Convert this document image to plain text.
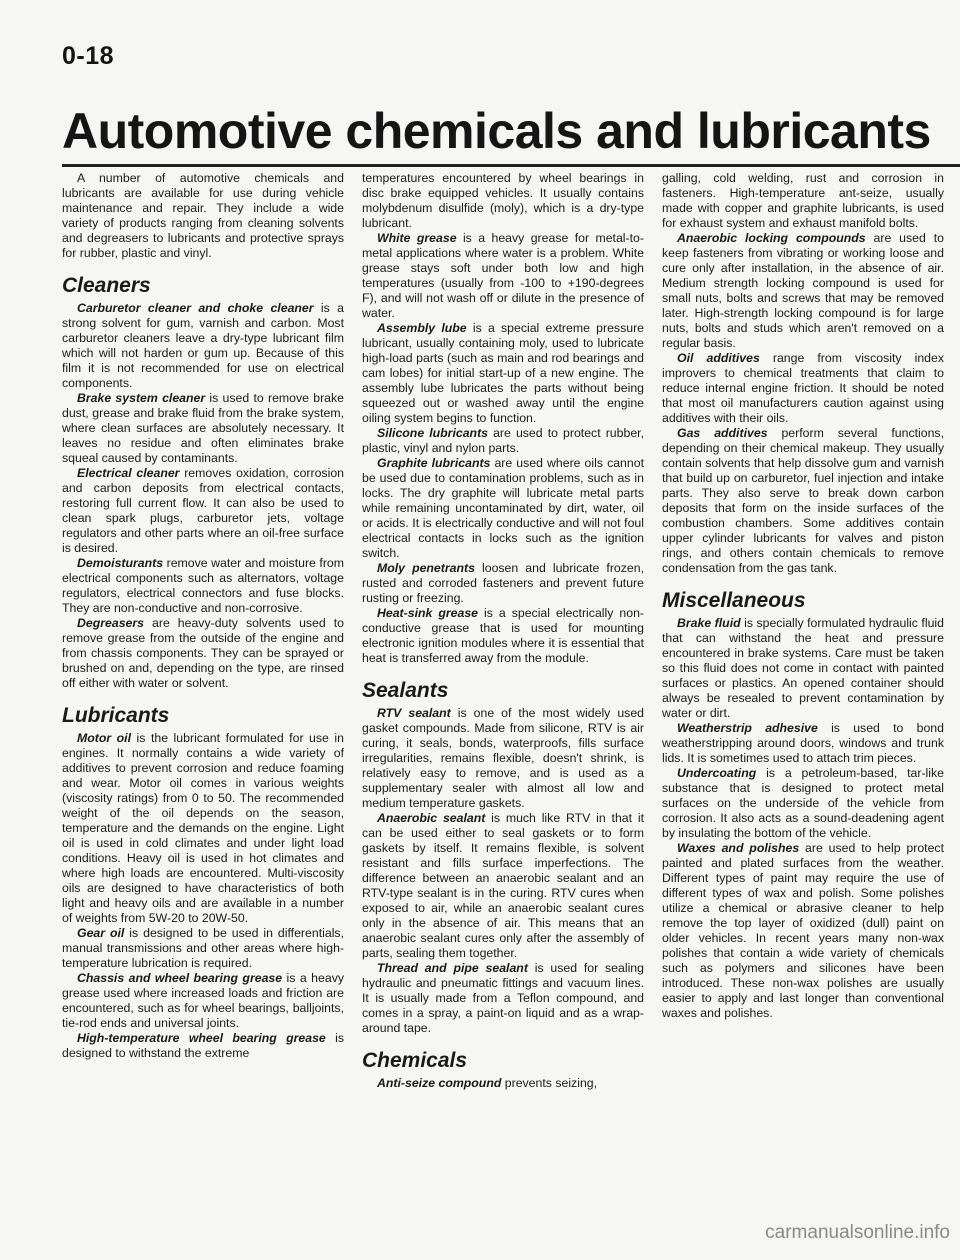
0-18
Automotive chemicals and lubricants

A number of automotive chemicals and lubricants are available for use during vehicle maintenance and repair. They include a wide variety of products ranging from cleaning solvents and degreasers to lubricants and protective sprays for rubber, plastic and vinyl.

Cleaners

Carburetor cleaner and choke cleaner is a strong solvent for gum, varnish and carbon. Most carburetor cleaners leave a dry-type lubricant film which will not harden or gum up. Because of this film it is not recommended for use on electrical components.

Brake system cleaner is used to remove brake dust, grease and brake fluid from the brake system, where clean surfaces are absolutely necessary. It leaves no residue and often eliminates brake squeal caused by contaminants.

Electrical cleaner removes oxidation, corrosion and carbon deposits from electrical contacts, restoring full current flow. It can also be used to clean spark plugs, carburetor jets, voltage regulators and other parts where an oil-free surface is desired.

Demoisturants remove water and moisture from electrical components such as alternators, voltage regulators, electrical connectors and fuse blocks. They are non-conductive and non-corrosive.

Degreasers are heavy-duty solvents used to remove grease from the outside of the engine and from chassis components. They can be sprayed or brushed on and, depending on the type, are rinsed off either with water or solvent.

Lubricants

Motor oil is the lubricant formulated for use in engines. It normally contains a wide variety of additives to prevent corrosion and reduce foaming and wear. Motor oil comes in various weights (viscosity ratings) from 0 to 50. The recommended weight of the oil depends on the season, temperature and the demands on the engine. Light oil is used in cold climates and under light load conditions. Heavy oil is used in hot climates and where high loads are encountered. Multi-viscosity oils are designed to have characteristics of both light and heavy oils and are available in a number of weights from 5W-20 to 20W-50.

Gear oil is designed to be used in differentials, manual transmissions and other areas where high-temperature lubrication is required.

Chassis and wheel bearing grease is a heavy grease used where increased loads and friction are encountered, such as for wheel bearings, balljoints, tie-rod ends and universal joints.

High-temperature wheel bearing grease is designed to withstand the extreme

temperatures encountered by wheel bearings in disc brake equipped vehicles. It usually contains molybdenum disulfide (moly), which is a dry-type lubricant.

White grease is a heavy grease for metal-to-metal applications where water is a problem. White grease stays soft under both low and high temperatures (usually from -100 to +190-degrees F), and will not wash off or dilute in the presence of water.

Assembly lube is a special extreme pressure lubricant, usually containing moly, used to lubricate high-load parts (such as main and rod bearings and cam lobes) for initial start-up of a new engine. The assembly lube lubricates the parts without being squeezed out or washed away until the engine oiling system begins to function.

Silicone lubricants are used to protect rubber, plastic, vinyl and nylon parts.

Graphite lubricants are used where oils cannot be used due to contamination problems, such as in locks. The dry graphite will lubricate metal parts while remaining uncontaminated by dirt, water, oil or acids. It is electrically conductive and will not foul electrical contacts in locks such as the ignition switch.

Moly penetrants loosen and lubricate frozen, rusted and corroded fasteners and prevent future rusting or freezing.

Heat-sink grease is a special electrically non-conductive grease that is used for mounting electronic ignition modules where it is essential that heat is transferred away from the module.

Sealants

RTV sealant is one of the most widely used gasket compounds. Made from silicone, RTV is air curing, it seals, bonds, waterproofs, fills surface irregularities, remains flexible, doesn't shrink, is relatively easy to remove, and is used as a supplementary sealer with almost all low and medium temperature gaskets.

Anaerobic sealant is much like RTV in that it can be used either to seal gaskets or to form gaskets by itself. It remains flexible, is solvent resistant and fills surface imperfections. The difference between an anaerobic sealant and an RTV-type sealant is in the curing. RTV cures when exposed to air, while an anaerobic sealant cures only in the absence of air. This means that an anaerobic sealant cures only after the assembly of parts, sealing them together.

Thread and pipe sealant is used for sealing hydraulic and pneumatic fittings and vacuum lines. It is usually made from a Teflon compound, and comes in a spray, a paint-on liquid and as a wrap-around tape.

Chemicals

Anti-seize compound prevents seizing,

galling, cold welding, rust and corrosion in fasteners. High-temperature ant-seize, usually made with copper and graphite lubricants, is used for exhaust system and exhaust manifold bolts.

Anaerobic locking compounds are used to keep fasteners from vibrating or working loose and cure only after installation, in the absence of air. Medium strength locking compound is used for small nuts, bolts and screws that may be removed later. High-strength locking compound is for large nuts, bolts and studs which aren't removed on a regular basis.

Oil additives range from viscosity index improvers to chemical treatments that claim to reduce internal engine friction. It should be noted that most oil manufacturers caution against using additives with their oils.

Gas additives perform several functions, depending on their chemical makeup. They usually contain solvents that help dissolve gum and varnish that build up on carburetor, fuel injection and intake parts. They also serve to break down carbon deposits that form on the inside surfaces of the combustion chambers. Some additives contain upper cylinder lubricants for valves and piston rings, and others contain chemicals to remove condensation from the gas tank.

Miscellaneous

Brake fluid is specially formulated hydraulic fluid that can withstand the heat and pressure encountered in brake systems. Care must be taken so this fluid does not come in contact with painted surfaces or plastics. An opened container should always be resealed to prevent contamination by water or dirt.

Weatherstrip adhesive is used to bond weatherstripping around doors, windows and trunk lids. It is sometimes used to attach trim pieces.

Undercoating is a petroleum-based, tar-like substance that is designed to protect metal surfaces on the underside of the vehicle from corrosion. It also acts as a sound-deadening agent by insulating the bottom of the vehicle.

Waxes and polishes are used to help protect painted and plated surfaces from the weather. Different types of paint may require the use of different types of wax and polish. Some polishes utilize a chemical or abrasive cleaner to help remove the top layer of oxidized (dull) paint on older vehicles. In recent years many non-wax polishes that contain a wide variety of chemicals such as polymers and silicones have been introduced. These non-wax polishes are usually easier to apply and last longer than conventional waxes and polishes.

carmanualsonline.info
